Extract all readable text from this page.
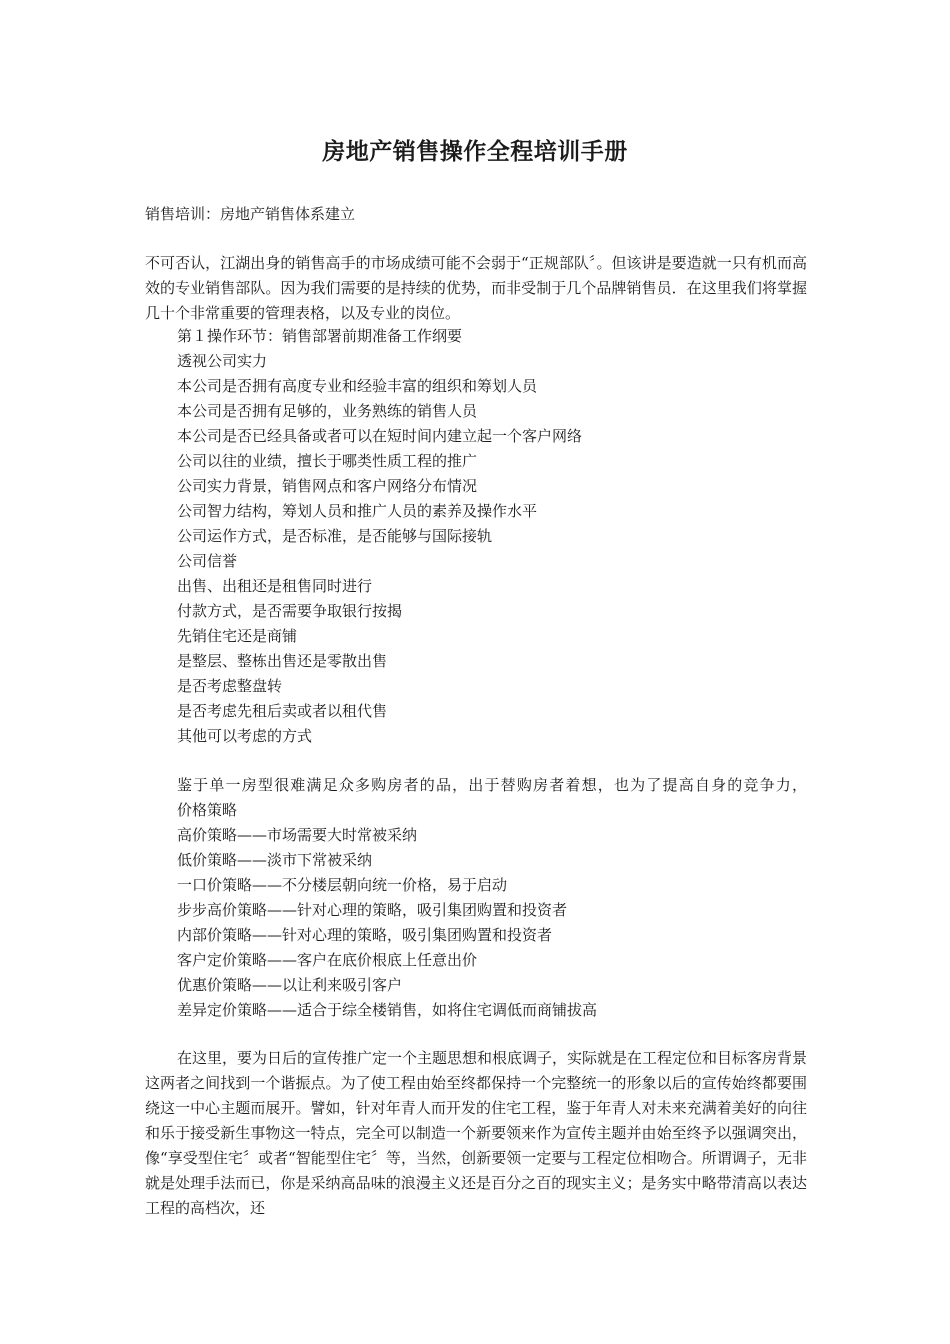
房地产销售操作全程培训手册
销售培训：房地产销售体系建立
不可否认，江湖出身的销售高手的市场成绩可能不会弱于“正规部队〞。但该讲是要造就一只有机而高效的专业销售部队。因为我们需要的是持续的优势，而非受制于几个品牌销售员．在这里我们将掌握几十个非常重要的管理表格，以及专业的岗位。
第１操作环节：销售部署前期准备工作纲要
透视公司实力
本公司是否拥有高度专业和经验丰富的组织和筹划人员
本公司是否拥有足够的，业务熟练的销售人员
本公司是否已经具备或者可以在短时间内建立起一个客户网络
公司以往的业绩，擅长于哪类性质工程的推广
公司实力背景，销售网点和客户网络分布情况
公司智力结构，筹划人员和推广人员的素养及操作水平
公司运作方式，是否标准，是否能够与国际接轨
公司信誉
出售、出租还是租售同时进行
付款方式，是否需要争取银行按揭
先销住宅还是商铺
是整层、整栋出售还是零散出售
是否考虑整盘转
是否考虑先租后卖或者以租代售
其他可以考虑的方式
鉴于单一房型很难满足众多购房者的品，出于替购房者着想，也为了提高自身的竞争力，价格策略
高价策略——市场需要大时常被采纳
低价策略——淡市下常被采纳
一口价策略——不分楼层朝向统一价格，易于启动
步步高价策略——针对心理的策略，吸引集团购置和投资者
内部价策略——针对心理的策略，吸引集团购置和投资者
客户定价策略——客户在底价根底上任意出价
优惠价策略——以让利来吸引客户
差异定价策略——适合于综全楼销售，如将住宅调低而商铺拔高
在这里，要为日后的宣传推广定一个主题思想和根底调子，实际就是在工程定位和目标客房背景这两者之间找到一个谐振点。为了使工程由始至终都保持一个完整统一的形象以后的宣传始终都要围绕这一中心主题而展开。譬如，针对年青人而开发的住宅工程，鉴于年青人对未来充满着美好的向往和乐于接受新生事物这一特点，完全可以制造一个新要领来作为宣传主题并由始至终予以强调突出，像“享受型住宅〞或者“智能型住宅〞等，当然，创新要领一定要与工程定位相吻合。所谓调子，无非就是处理手法而已，你是采纳高品味的浪漫主义还是百分之百的现实主义；是务实中略带清高以表达工程的高档次，还
